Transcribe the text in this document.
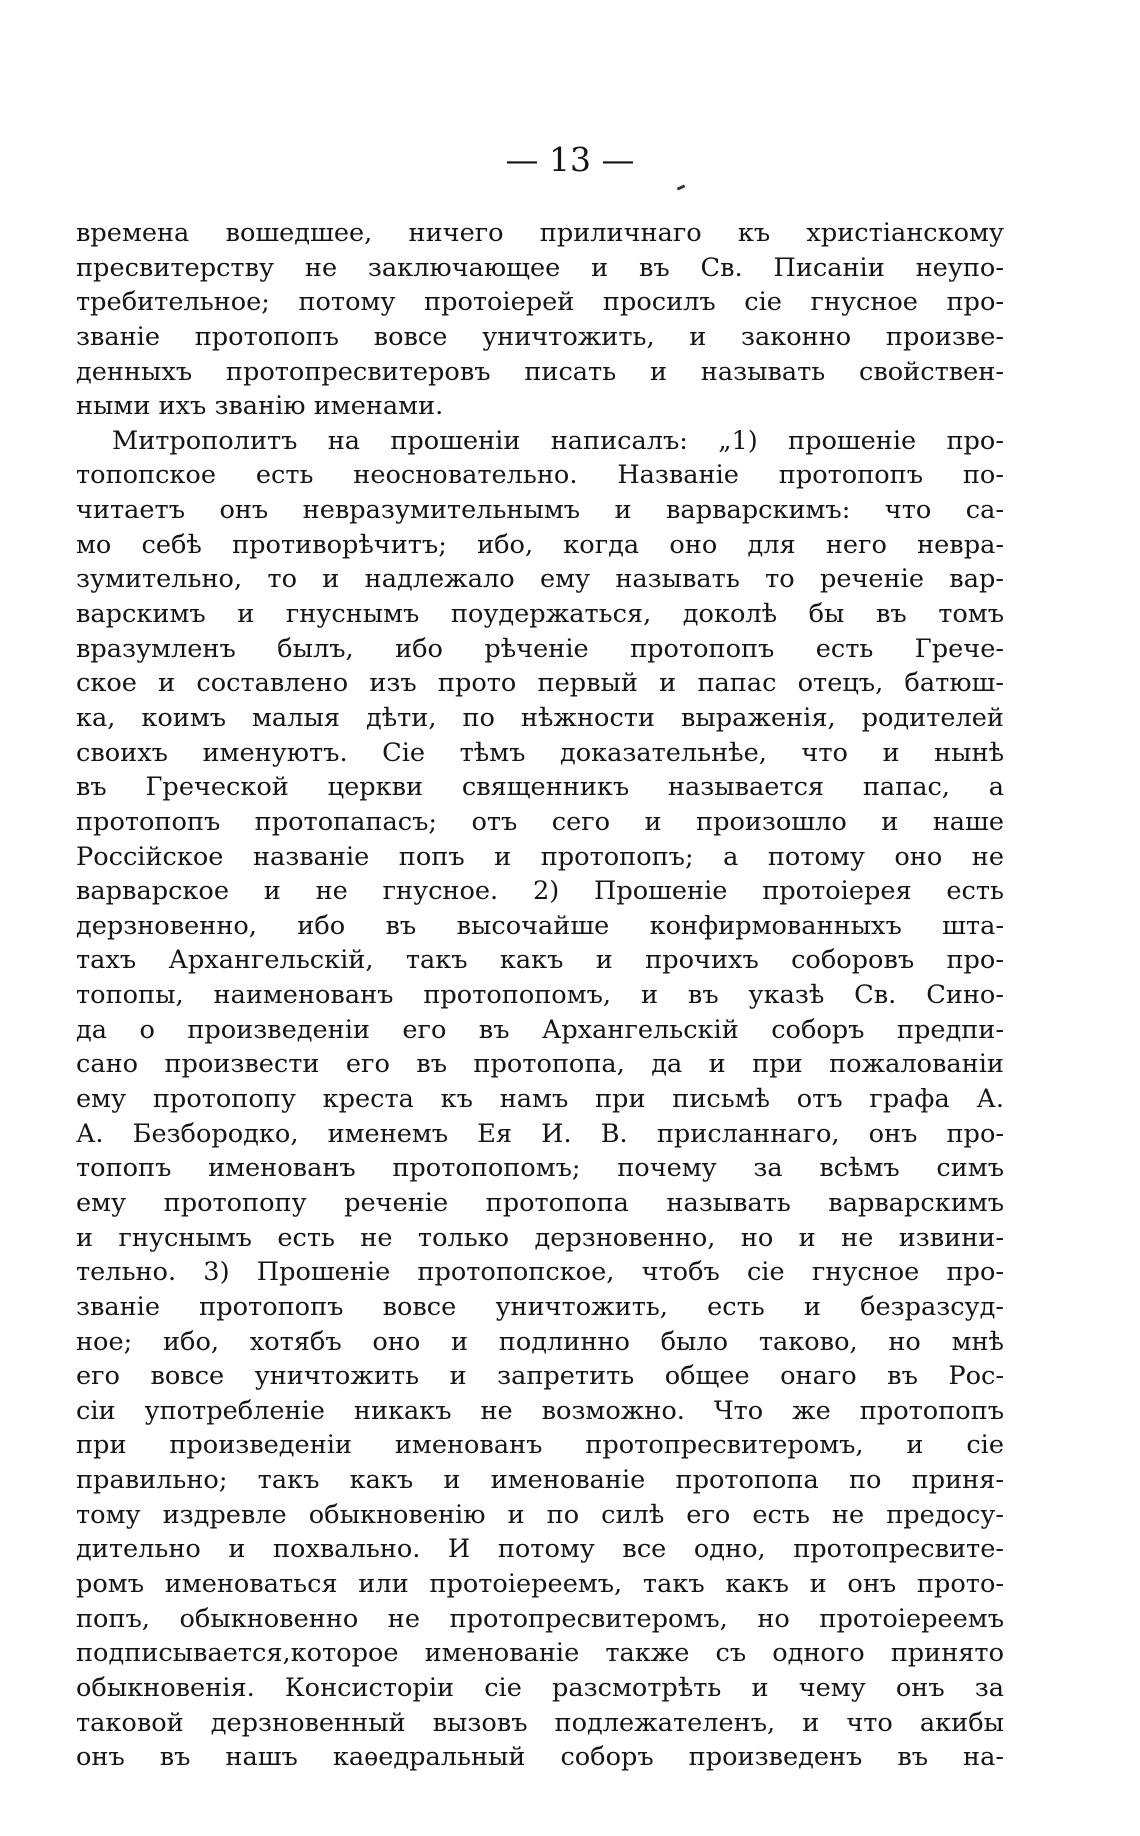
— 13 —
времена вошедшее, ничего приличнаго къ христіанскому
пресвитерству не заключающее и въ Св. Писаніи неупо-
требительное; потому протоіерей просилъ сіе гнусное про-
званіе протопопъ вовсе уничтожить, и законно произве-
денныхъ протопресвитеровъ писать и называть свойствен-
ными ихъ званію именами.
Митрополитъ на прошеніи написалъ: „1) прошеніе про-
топопское есть неосновательно. Названіе протопопъ по-
читаетъ онъ невразумительнымъ и варварскимъ: что са-
мо себѣ противорѣчитъ; ибо, когда оно для него невра-
зумительно, то и надлежало ему называть то реченіе вар-
варскимъ и гнуснымъ поудержаться, доколѣ бы въ томъ
вразумленъ былъ, ибо рѣченіе протопопъ есть Грече-
ское и составлено изъ прото первый и папас отецъ, батюш-
ка, коимъ малыя дѣти, по нѣжности выраженія, родителей
своихъ именуютъ. Сіе тѣмъ доказательнѣе, что и нынѣ
въ Греческой церкви священникъ называется папас, а
протопопъ протопапасъ; отъ сего и произошло и наше
Россійское названіе попъ и протопопъ; а потому оно не
варварское и не гнусное. 2) Прошеніе протоіерея есть
дерзновенно, ибо въ высочайше конфирмованныхъ шта-
тахъ Архангельскій, такъ какъ и прочихъ соборовъ про-
топопы, наименованъ протопопомъ, и въ указѣ Св. Сино-
да о произведеніи его въ Архангельскій соборъ предпи-
сано произвести его въ протопопа, да и при пожалованіи
ему протопопу креста къ намъ при письмѣ отъ графа А.
А. Безбородко, именемъ Ея И. В. присланнаго, онъ про-
топопъ именованъ протопопомъ; почему за всѣмъ симъ
ему протопопу реченіе протопопа называть варварскимъ
и гнуснымъ есть не только дерзновенно, но и не извини-
тельно. 3) Прошеніе протопопское, чтобъ сіе гнусное про-
званіе протопопъ вовсе уничтожить, есть и безразсуд-
ное; ибо, хотябъ оно и подлинно было таково, но мнѣ
его вовсе уничтожить и запретить общее онаго въ Рос-
сіи употребленіе никакъ не возможно. Что же протопопъ
при произведеніи именованъ протопресвитеромъ, и сіе
правильно; такъ какъ и именованіе протопопа по приня-
тому издревле обыкновенію и по силѣ его есть не предосу-
дительно и похвально. И потому все одно, протопресвите-
ромъ именоваться или протоіереемъ, такъ какъ и онъ прото-
попъ, обыкновенно не протопресвитеромъ, но протоіереемъ
подписывается,которое именованіе также съ одного принято
обыкновенія. Консисторіи сіе разсмотрѣть и чему онъ за
таковой дерзновенный вызовъ подлежателенъ, и что акибы
онъ въ нашъ каѳедральный соборъ произведенъ въ на-
